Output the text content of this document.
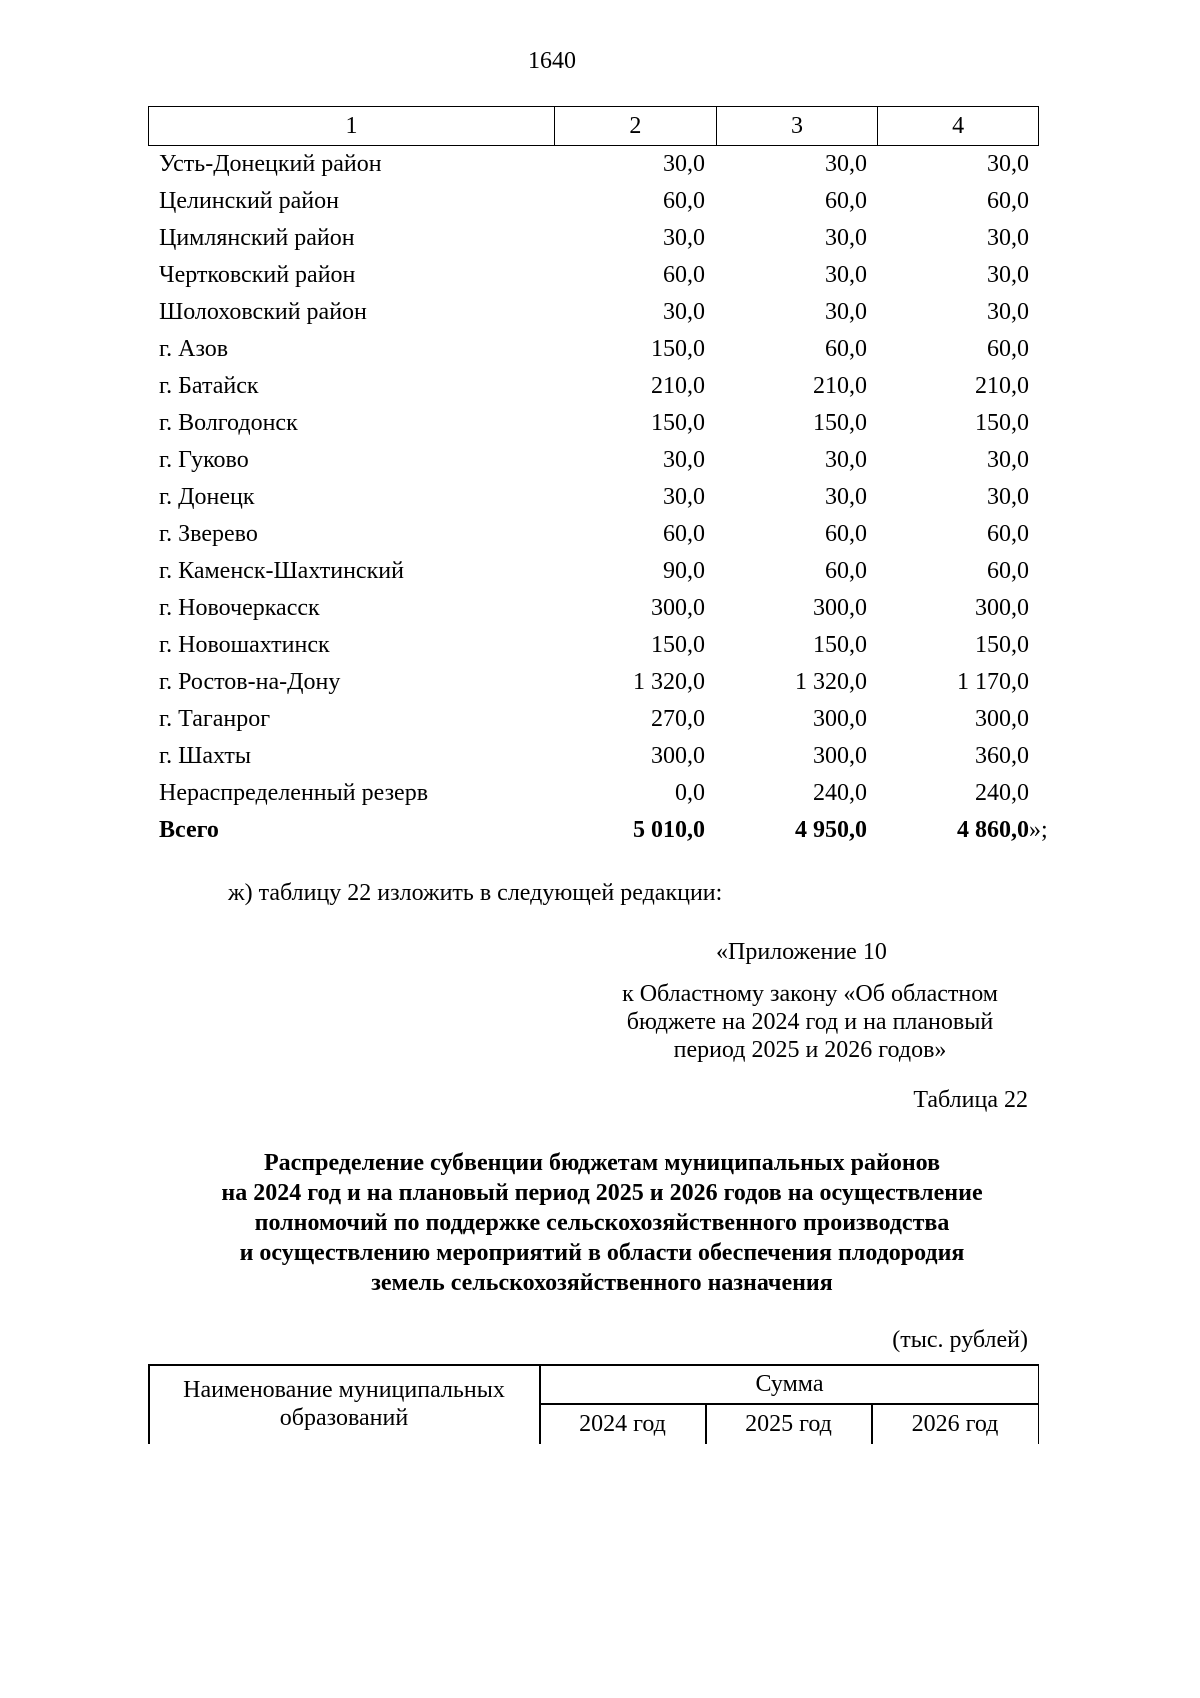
1640
1	2	3	4
Усть-Донецкий район	30,0	30,0	30,0
Целинский район	60,0	60,0	60,0
Цимлянский район	30,0	30,0	30,0
Чертковский район	60,0	30,0	30,0
Шолоховский район	30,0	30,0	30,0
г. Азов	150,0	60,0	60,0
г. Батайск	210,0	210,0	210,0
г. Волгодонск	150,0	150,0	150,0
г. Гуково	30,0	30,0	30,0
г. Донецк	30,0	30,0	30,0
г. Зверево	60,0	60,0	60,0
г. Каменск-Шахтинский	90,0	60,0	60,0
г. Новочеркасск	300,0	300,0	300,0
г. Новошахтинск	150,0	150,0	150,0
г. Ростов-на-Дону	1 320,0	1 320,0	1 170,0
г. Таганрог	270,0	300,0	300,0
г. Шахты	300,0	300,0	360,0
Нераспределенный резерв	0,0	240,0	240,0
Всего	5 010,0	4 950,0	4 860,0 »;
ж) таблицу 22 изложить в следующей редакции:
«Приложение 10
к Областному закону «Об областном
бюджете на 2024 год и на плановый
период 2025 и 2026 годов»
Таблица 22
Распределение субвенции бюджетам муниципальных районов
на 2024 год и на плановый период 2025 и 2026 годов на осуществление
полномочий по поддержке сельскохозяйственного производства
и осуществлению мероприятий в области обеспечения плодородия
земель сельскохозяйственного назначения
(тыс. рублей)
Наименование муниципальных
образований
Сумма
2024 год	2025 год	2026 год
